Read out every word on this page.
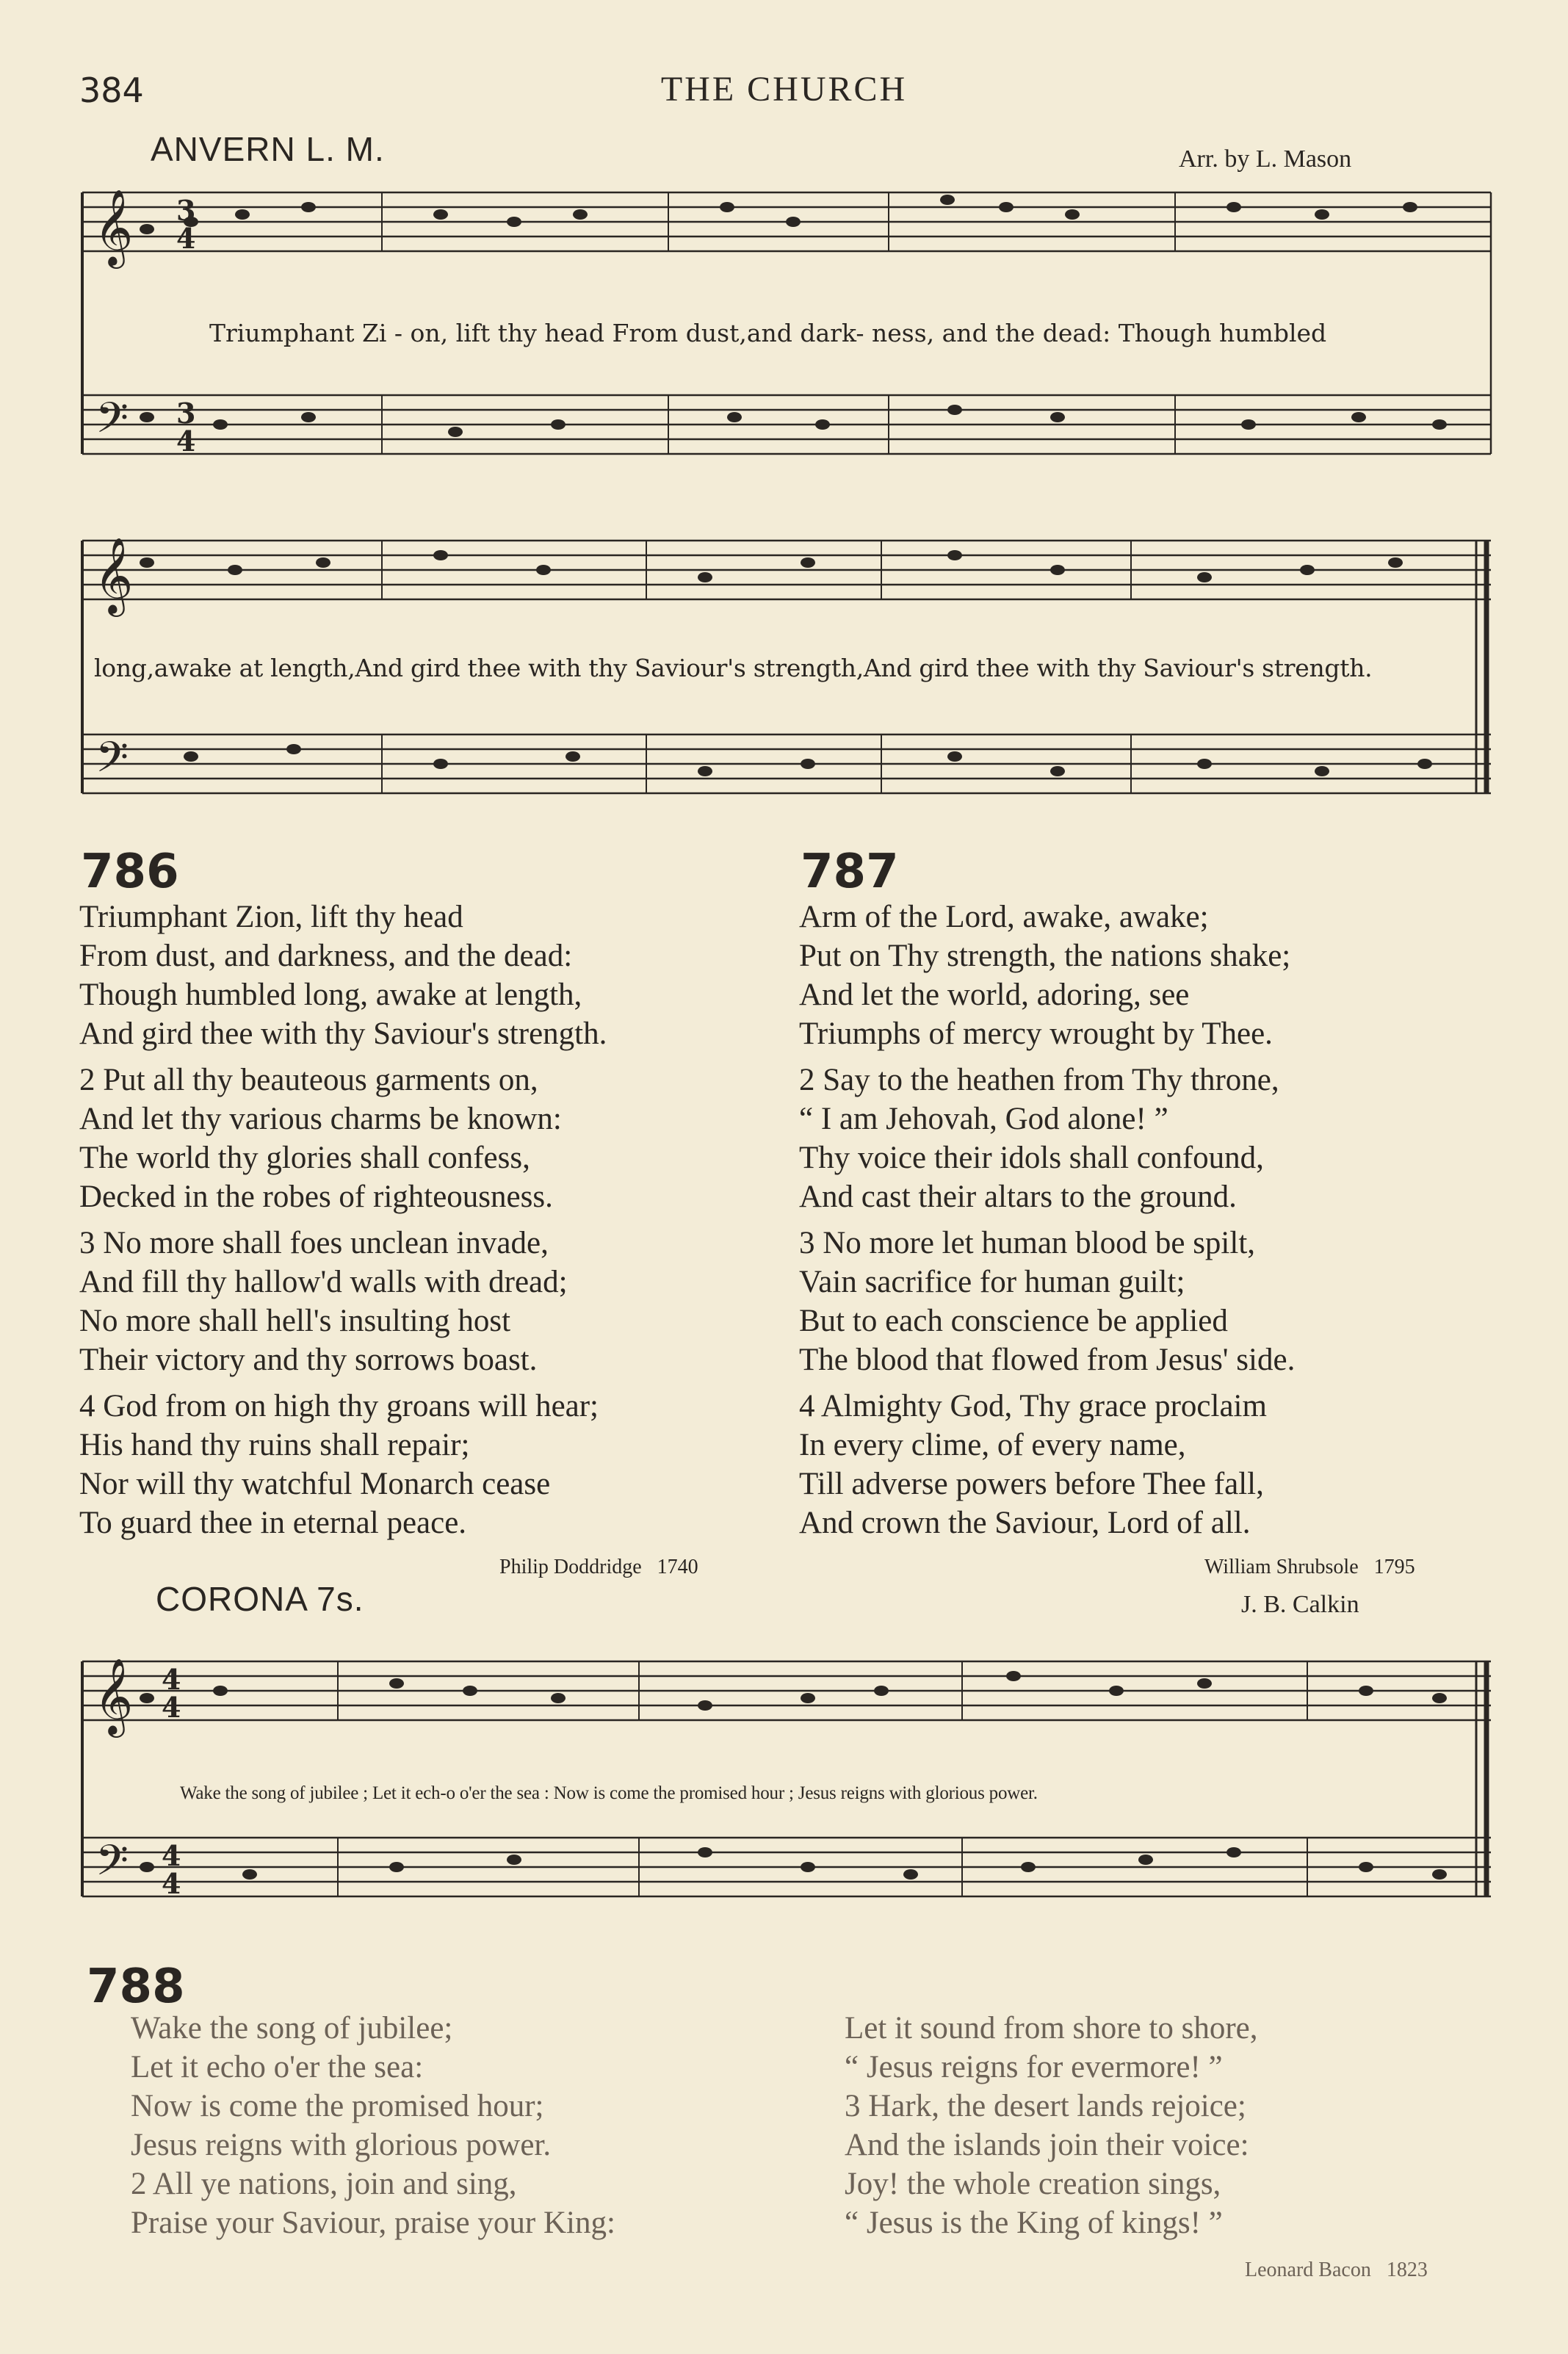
384	THE CHURCH
ANVERN L. M.	Arr. by L. Mason
𝄞
𝄢
𝄞
𝄢
𝄞
𝄢
3
4
3
4
4
4
4
4
Triumphant Zi - on, lift thy head From dust,and dark- ness, and the dead: Though humbled
long,awake at length,And gird thee with thy Saviour's strength,And gird thee with thy Saviour's strength.
786

Triumphant Zion, lift thy head

From dust, and darkness, and the dead:

Though humbled long, awake at length,

And gird thee with thy Saviour's strength.

2 Put all thy beauteous garments on,

And let thy various charms be known:

The world thy glories shall confess,

Decked in the robes of righteousness.

3 No more shall foes unclean invade,

And fill thy hallow'd walls with dread;

No more shall hell's insulting host

Their victory and thy sorrows boast.

4 God from on high thy groans will hear;

His hand thy ruins shall repair;

Nor will thy watchful Monarch cease

To guard thee in eternal peace.

Philip Doddridge 1740
787

Arm of the Lord, awake, awake;

Put on Thy strength, the nations shake;

And let the world, adoring, see

Triumphs of mercy wrought by Thee.

2 Say to the heathen from Thy throne,

“ I am Jehovah, God alone! ”

Thy voice their idols shall confound,

And cast their altars to the ground.

3 No more let human blood be spilt,

Vain sacrifice for human guilt;

But to each conscience be applied

The blood that flowed from Jesus' side.

4 Almighty God, Thy grace proclaim

In every clime, of every name,

Till adverse powers before Thee fall,

And crown the Saviour, Lord of all.

William Shrubsole 1795
CORONA 7s.	J. B. Calkin
Wake the song of jubilee ; Let it ech-o o'er the sea : Now is come the promised hour ; Jesus reigns with glorious power.
788

Wake the song of jubilee;

Let it echo o'er the sea:

Now is come the promised hour;

Jesus reigns with glorious power.

2 All ye nations, join and sing,

Praise your Saviour, praise your King:

Let it sound from shore to shore,

“ Jesus reigns for evermore! ”

3 Hark, the desert lands rejoice;

And the islands join their voice:

Joy! the whole creation sings,

“ Jesus is the King of kings! ”

Leonard Bacon 1823
